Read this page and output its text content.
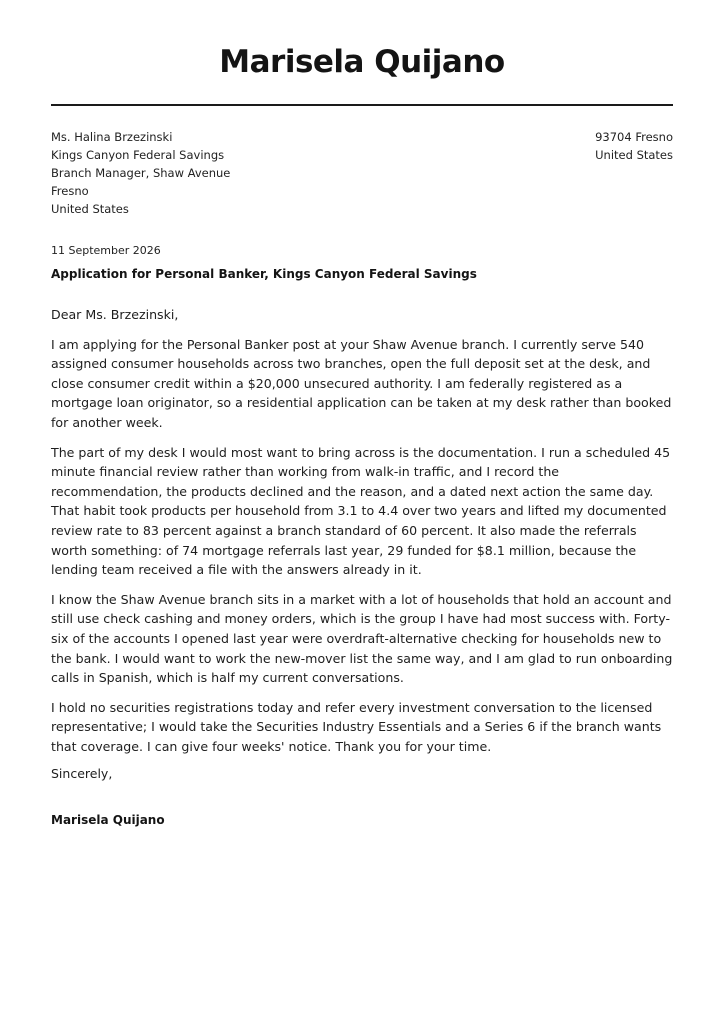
Marisela Quijano
Ms. Halina Brzezinski
Kings Canyon Federal Savings
Branch Manager, Shaw Avenue
Fresno
United States
93704 Fresno
United States
11 September 2026
Application for Personal Banker, Kings Canyon Federal Savings

Dear Ms. Brzezinski,

I am applying for the Personal Banker post at your Shaw Avenue branch. I currently serve 540 assigned consumer households across two branches, open the full deposit set at the desk, and close consumer credit within a $20,000 unsecured authority. I am federally registered as a mortgage loan originator, so a residential application can be taken at my desk rather than booked for another week.

The part of my desk I would most want to bring across is the documentation. I run a scheduled 45 minute financial review rather than working from walk-in traffic, and I record the recommendation, the products declined and the reason, and a dated next action the same day. That habit took products per household from 3.1 to 4.4 over two years and lifted my documented review rate to 83 percent against a branch standard of 60 percent. It also made the referrals worth something: of 74 mortgage referrals last year, 29 funded for $8.1 million, because the lending team received a file with the answers already in it.

I know the Shaw Avenue branch sits in a market with a lot of households that hold an account and still use check cashing and money orders, which is the group I have had most success with. Forty-six of the accounts I opened last year were overdraft-alternative checking for households new to the bank. I would want to work the new-mover list the same way, and I am glad to run onboarding calls in Spanish, which is half my current conversations.

I hold no securities registrations today and refer every investment conversation to the licensed representative; I would take the Securities Industry Essentials and a Series 6 if the branch wants that coverage. I can give four weeks' notice. Thank you for your time.

Sincerely,
Marisela Quijano
